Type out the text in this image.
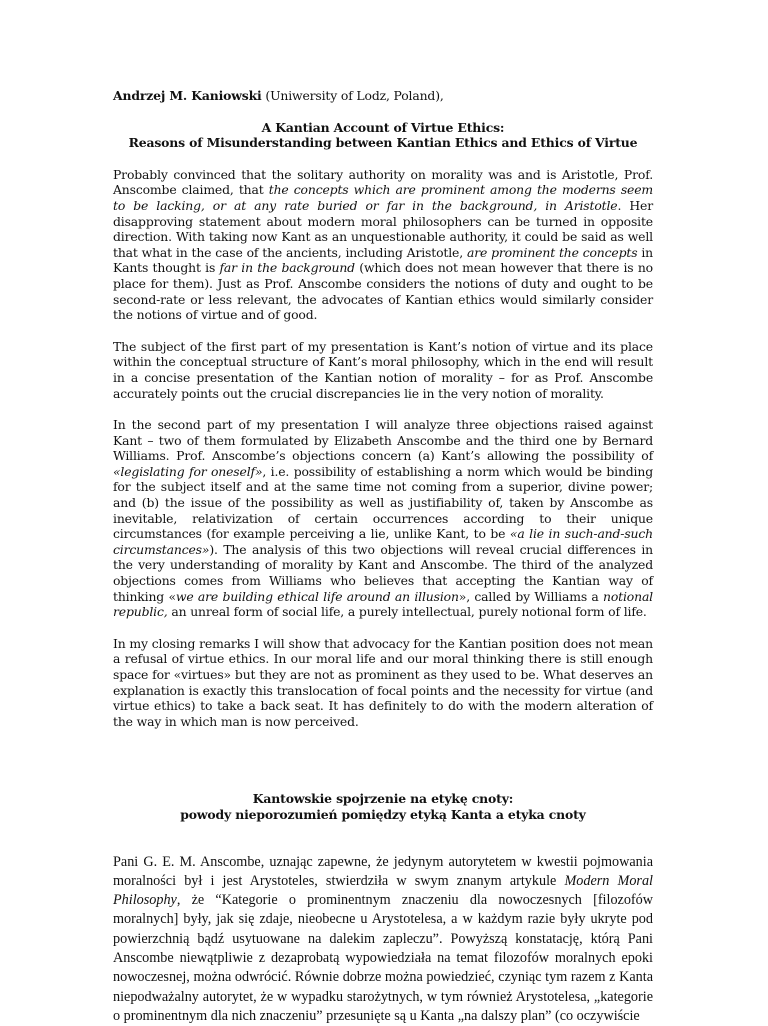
Andrzej M. Kaniowski (Uniwersity of Lodz, Poland),

A Kantian Account of Virtue Ethics:
Reasons of Misunderstanding between Kantian Ethics and Ethics of Virtue

Probably convinced that the solitary authority on morality was and is Aristotle, Prof. Anscombe claimed, that the concepts which are prominent among the moderns seem to be lacking, or at any rate buried or far in the background, in Aristotle. Her disapproving statement about modern moral philosophers can be turned in opposite direction. With taking now Kant as an unquestionable authority, it could be said as well that what in the case of the ancients, including Aristotle, are prominent the concepts in Kants thought is far in the background (which does not mean however that there is no place for them). Just as Prof. Anscombe considers the notions of duty and ought to be second-rate or less relevant, the advocates of Kantian ethics would similarly consider the notions of virtue and of good.

The subject of the first part of my presentation is Kant’s notion of virtue and its place within the conceptual structure of Kant’s moral philosophy, which in the end will result in a concise presentation of the Kantian notion of morality – for as Prof. Anscombe accurately points out the crucial discrepancies lie in the very notion of morality.

In the second part of my presentation I will analyze three objections raised against Kant – two of them formulated by Elizabeth Anscombe and the third one by Bernard Williams. Prof. Anscombe’s objections concern (a) Kant’s allowing the possibility of «legislating for oneself», i.e. possibility of establishing a norm which would be binding for the subject itself and at the same time not coming from a superior, divine power; and (b) the issue of the possibility as well as justifiability of, taken by Anscombe as inevitable, relativization of certain occurrences according to their unique circumstances (for example perceiving a lie, unlike Kant, to be «a lie in such-and-such circumstances»). The analysis of this two objections will reveal crucial differences in the very understanding of morality by Kant and Anscombe. The third of the analyzed objections comes from Williams who believes that accepting the Kantian way of thinking «we are building ethical life around an illusion», called by Williams a notional republic, an unreal form of social life, a purely intellectual, purely notional form of life.

In my closing remarks I will show that advocacy for the Kantian position does not mean a refusal of virtue ethics. In our moral life and our moral thinking there is still enough space for «virtues» but they are not as prominent as they used to be. What deserves an explanation is exactly this translocation of focal points and the necessity for virtue (and virtue ethics) to take a back seat. It has definitely to do with the modern alteration of the way in which man is now perceived.

Kantowskie spojrzenie na etykę cnoty:
powody nieporozumień pomiędzy etyką Kanta a etyka cnoty

Pani G. E. M. Anscombe, uznając zapewne, że jedynym autorytetem w kwestii pojmowania moralności był i jest Arystoteles, stwierdziła w swym znanym artykule Modern Moral Philosophy, że “Kategorie o prominentnym znaczeniu dla nowoczesnych [filozofów moralnych] były, jak się zdaje, nieobecne u Arystotelesa, a w każdym razie były ukryte pod powierzchnią bądź usytuowane na dalekim zapleczu”. Powyższą konstatację, którą Pani Anscombe niewątpliwie z dezaprobatą wypowiedziała na temat filozofów moralnych epoki nowoczesnej, można odwrócić. Równie dobrze można powiedzieć, czyniąc tym razem z Kanta niepodważalny autorytet, że w wypadku starożytnych, w tym również Arystotelesa, „kategorie o prominentnym dla nich znaczeniu” przesunięte są u Kanta „na dalszy plan” (co oczywiście
